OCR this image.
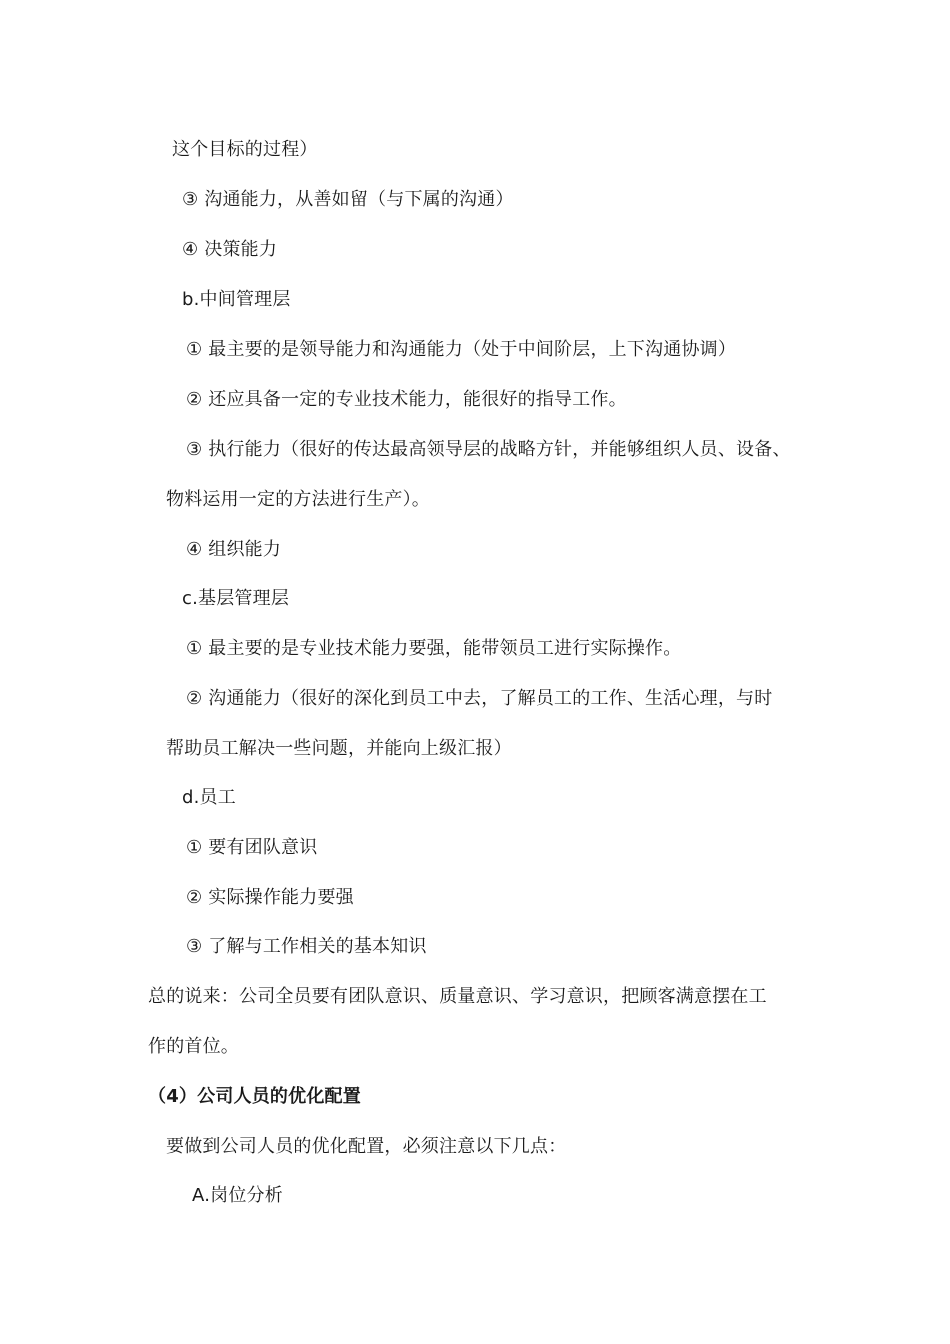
这个目标的过程）
③ 沟通能力，从善如留（与下属的沟通）
④ 决策能力
b.中间管理层
① 最主要的是领导能力和沟通能力（处于中间阶层，上下沟通协调）
② 还应具备一定的专业技术能力，能很好的指导工作。
③ 执行能力（很好的传达最高领导层的战略方针，并能够组织人员、设备、
物料运用一定的方法进行生产）。
④ 组织能力
c.基层管理层
① 最主要的是专业技术能力要强，能带领员工进行实际操作。
② 沟通能力（很好的深化到员工中去，了解员工的工作、生活心理，与时
帮助员工解决一些问题，并能向上级汇报）
d.员工
① 要有团队意识
② 实际操作能力要强
③ 了解与工作相关的基本知识
总的说来：公司全员要有团队意识、质量意识、学习意识，把顾客满意摆在工
作的首位。
（4）公司人员的优化配置
要做到公司人员的优化配置，必须注意以下几点：
A.岗位分析
